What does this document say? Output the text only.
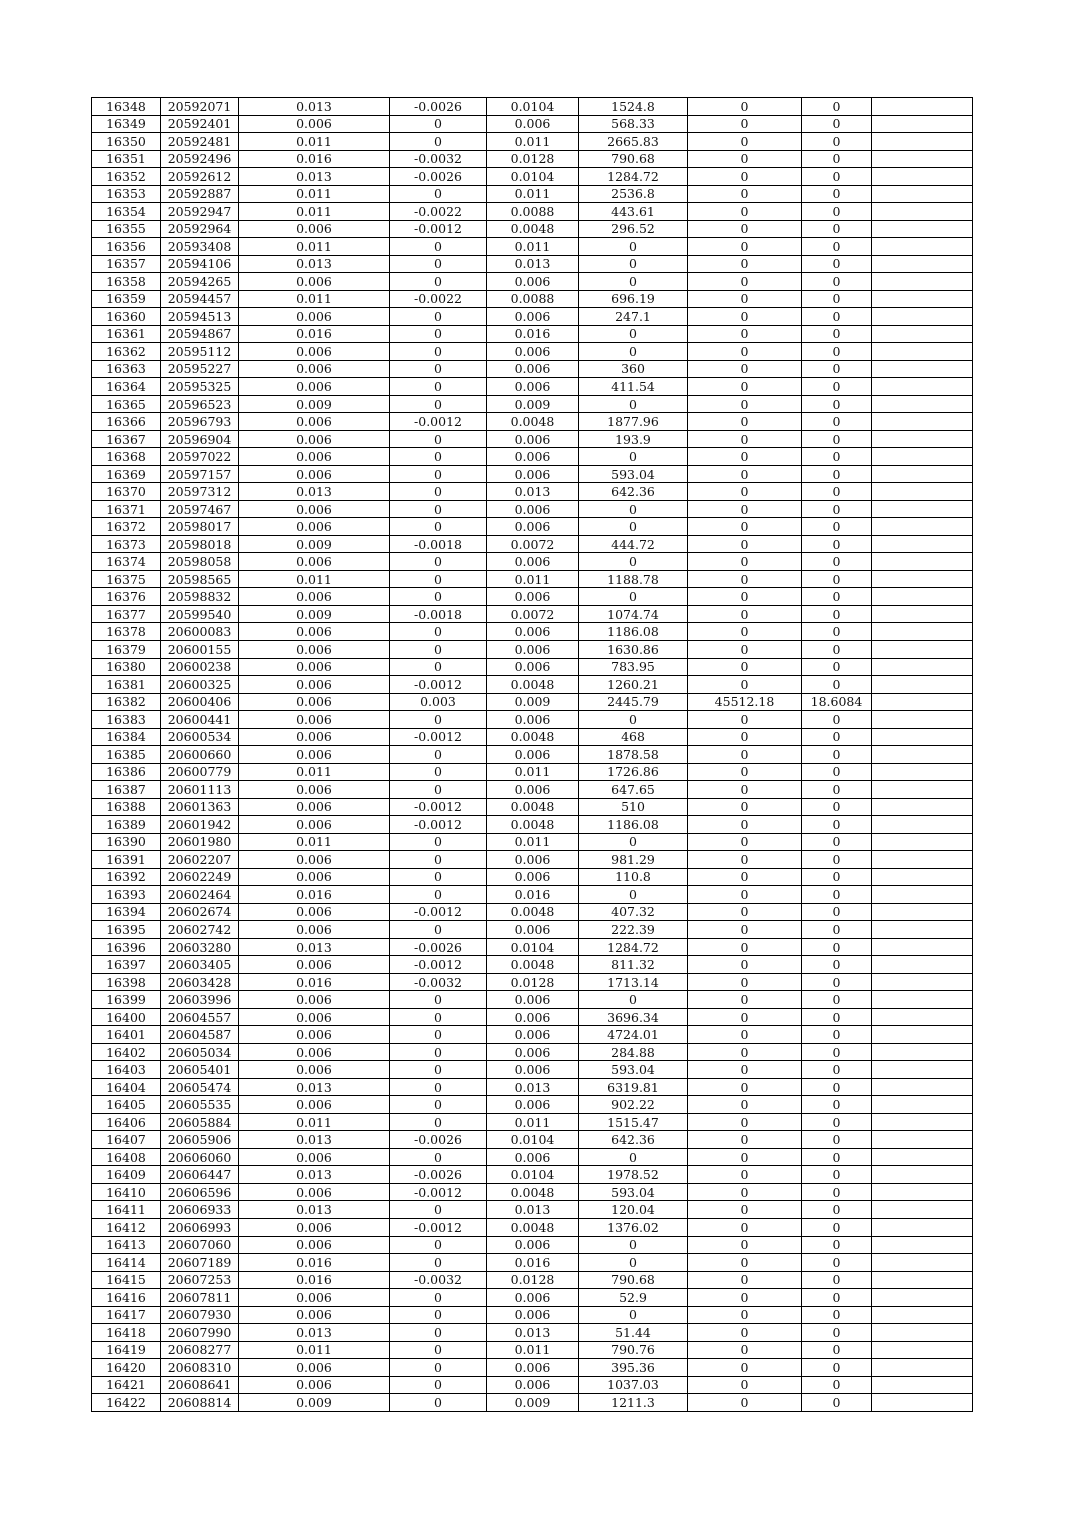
16348	20592071	0.013	-0.0026	0.0104	1524.8	0	0	
16349	20592401	0.006	0	0.006	568.33	0	0	
16350	20592481	0.011	0	0.011	2665.83	0	0	
16351	20592496	0.016	-0.0032	0.0128	790.68	0	0	
16352	20592612	0.013	-0.0026	0.0104	1284.72	0	0	
16353	20592887	0.011	0	0.011	2536.8	0	0	
16354	20592947	0.011	-0.0022	0.0088	443.61	0	0	
16355	20592964	0.006	-0.0012	0.0048	296.52	0	0	
16356	20593408	0.011	0	0.011	0	0	0	
16357	20594106	0.013	0	0.013	0	0	0	
16358	20594265	0.006	0	0.006	0	0	0	
16359	20594457	0.011	-0.0022	0.0088	696.19	0	0	
16360	20594513	0.006	0	0.006	247.1	0	0	
16361	20594867	0.016	0	0.016	0	0	0	
16362	20595112	0.006	0	0.006	0	0	0	
16363	20595227	0.006	0	0.006	360	0	0	
16364	20595325	0.006	0	0.006	411.54	0	0	
16365	20596523	0.009	0	0.009	0	0	0	
16366	20596793	0.006	-0.0012	0.0048	1877.96	0	0	
16367	20596904	0.006	0	0.006	193.9	0	0	
16368	20597022	0.006	0	0.006	0	0	0	
16369	20597157	0.006	0	0.006	593.04	0	0	
16370	20597312	0.013	0	0.013	642.36	0	0	
16371	20597467	0.006	0	0.006	0	0	0	
16372	20598017	0.006	0	0.006	0	0	0	
16373	20598018	0.009	-0.0018	0.0072	444.72	0	0	
16374	20598058	0.006	0	0.006	0	0	0	
16375	20598565	0.011	0	0.011	1188.78	0	0	
16376	20598832	0.006	0	0.006	0	0	0	
16377	20599540	0.009	-0.0018	0.0072	1074.74	0	0	
16378	20600083	0.006	0	0.006	1186.08	0	0	
16379	20600155	0.006	0	0.006	1630.86	0	0	
16380	20600238	0.006	0	0.006	783.95	0	0	
16381	20600325	0.006	-0.0012	0.0048	1260.21	0	0	
16382	20600406	0.006	0.003	0.009	2445.79	45512.18	18.6084	
16383	20600441	0.006	0	0.006	0	0	0	
16384	20600534	0.006	-0.0012	0.0048	468	0	0	
16385	20600660	0.006	0	0.006	1878.58	0	0	
16386	20600779	0.011	0	0.011	1726.86	0	0	
16387	20601113	0.006	0	0.006	647.65	0	0	
16388	20601363	0.006	-0.0012	0.0048	510	0	0	
16389	20601942	0.006	-0.0012	0.0048	1186.08	0	0	
16390	20601980	0.011	0	0.011	0	0	0	
16391	20602207	0.006	0	0.006	981.29	0	0	
16392	20602249	0.006	0	0.006	110.8	0	0	
16393	20602464	0.016	0	0.016	0	0	0	
16394	20602674	0.006	-0.0012	0.0048	407.32	0	0	
16395	20602742	0.006	0	0.006	222.39	0	0	
16396	20603280	0.013	-0.0026	0.0104	1284.72	0	0	
16397	20603405	0.006	-0.0012	0.0048	811.32	0	0	
16398	20603428	0.016	-0.0032	0.0128	1713.14	0	0	
16399	20603996	0.006	0	0.006	0	0	0	
16400	20604557	0.006	0	0.006	3696.34	0	0	
16401	20604587	0.006	0	0.006	4724.01	0	0	
16402	20605034	0.006	0	0.006	284.88	0	0	
16403	20605401	0.006	0	0.006	593.04	0	0	
16404	20605474	0.013	0	0.013	6319.81	0	0	
16405	20605535	0.006	0	0.006	902.22	0	0	
16406	20605884	0.011	0	0.011	1515.47	0	0	
16407	20605906	0.013	-0.0026	0.0104	642.36	0	0	
16408	20606060	0.006	0	0.006	0	0	0	
16409	20606447	0.013	-0.0026	0.0104	1978.52	0	0	
16410	20606596	0.006	-0.0012	0.0048	593.04	0	0	
16411	20606933	0.013	0	0.013	120.04	0	0	
16412	20606993	0.006	-0.0012	0.0048	1376.02	0	0	
16413	20607060	0.006	0	0.006	0	0	0	
16414	20607189	0.016	0	0.016	0	0	0	
16415	20607253	0.016	-0.0032	0.0128	790.68	0	0	
16416	20607811	0.006	0	0.006	52.9	0	0	
16417	20607930	0.006	0	0.006	0	0	0	
16418	20607990	0.013	0	0.013	51.44	0	0	
16419	20608277	0.011	0	0.011	790.76	0	0	
16420	20608310	0.006	0	0.006	395.36	0	0	
16421	20608641	0.006	0	0.006	1037.03	0	0	
16422	20608814	0.009	0	0.009	1211.3	0	0	
